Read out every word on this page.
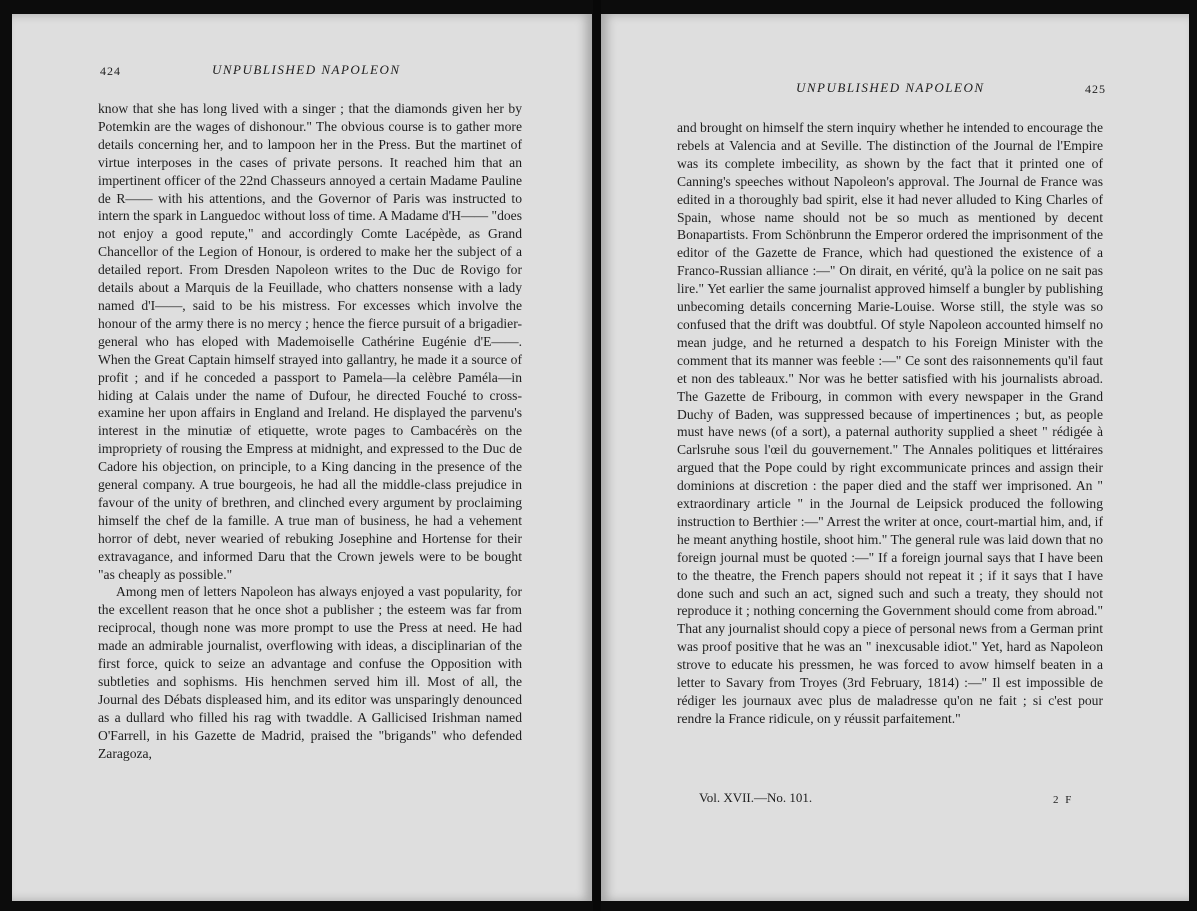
424	UNPUBLISHED NAPOLEON

know that she has long lived with a singer ; that the diamonds given her by Potemkin are the wages of dishonour." The obvious course is to gather more details concerning her, and to lampoon her in the Press. But the martinet of virtue interposes in the cases of private persons. It reached him that an impertinent officer of the 22nd Chasseurs annoyed a certain Madame Pauline de R—— with his attentions, and the Governor of Paris was instructed to intern the spark in Languedoc without loss of time. A Madame d'H—— "does not enjoy a good repute," and accordingly Comte Lacépède, as Grand Chancellor of the Legion of Honour, is ordered to make her the subject of a detailed report. From Dresden Napoleon writes to the Duc de Rovigo for details about a Marquis de la Feuillade, who chatters nonsense with a lady named d'I——, said to be his mistress. For excesses which involve the honour of the army there is no mercy ; hence the fierce pursuit of a brigadier-general who has eloped with Mademoiselle Cathérine Eugénie d'E——. When the Great Captain himself strayed into gallantry, he made it a source of profit ; and if he conceded a passport to Pamela—la celèbre Paméla—in hiding at Calais under the name of Dufour, he directed Fouché to cross-examine her upon affairs in England and Ireland. He displayed the parvenu's interest in the minutiæ of etiquette, wrote pages to Cambacérès on the impropriety of rousing the Empress at midnight, and expressed to the Duc de Cadore his objection, on principle, to a King dancing in the presence of the general company. A true bourgeois, he had all the middle-class prejudice in favour of the unity of brethren, and clinched every argument by proclaiming himself the chef de la famille. A true man of business, he had a vehement horror of debt, never wearied of rebuking Josephine and Hortense for their extravagance, and informed Daru that the Crown jewels were to be bought "as cheaply as possible."

Among men of letters Napoleon has always enjoyed a vast popularity, for the excellent reason that he once shot a publisher ; the esteem was far from reciprocal, though none was more prompt to use the Press at need. He had made an admirable journalist, overflowing with ideas, a disciplinarian of the first force, quick to seize an advantage and confuse the Opposition with subtleties and sophisms. His henchmen served him ill. Most of all, the Journal des Débats displeased him, and its editor was unsparingly denounced as a dullard who filled his rag with twaddle. A Gallicised Irishman named O'Farrell, in his Gazette de Madrid, praised the "brigands" who defended Zaragoza,

UNPUBLISHED NAPOLEON	425

and brought on himself the stern inquiry whether he intended to encourage the rebels at Valencia and at Seville. The distinction of the Journal de l'Empire was its complete imbecility, as shown by the fact that it printed one of Canning's speeches without Napoleon's approval. The Journal de France was edited in a thoroughly bad spirit, else it had never alluded to King Charles of Spain, whose name should not be so much as mentioned by decent Bonapartists. From Schönbrunn the Emperor ordered the imprisonment of the editor of the Gazette de France, which had questioned the existence of a Franco-Russian alliance :—" On dirait, en vérité, qu'à la police on ne sait pas lire." Yet earlier the same journalist approved himself a bungler by publishing unbecoming details concerning Marie-Louise. Worse still, the style was so confused that the drift was doubtful. Of style Napoleon accounted himself no mean judge, and he returned a despatch to his Foreign Minister with the comment that its manner was feeble :—" Ce sont des raisonnements qu'il faut et non des tableaux." Nor was he better satisfied with his journalists abroad. The Gazette de Fribourg, in common with every newspaper in the Grand Duchy of Baden, was suppressed because of impertinences ; but, as people must have news (of a sort), a paternal authority supplied a sheet " rédigée à Carlsruhe sous l'œil du gouvernement." The Annales politiques et littéraires argued that the Pope could by right excommunicate princes and assign their dominions at discretion : the paper died and the staff wer imprisoned. An " extraordinary article " in the Journal de Leipsick produced the following instruction to Berthier :—" Arrest the writer at once, court-martial him, and, if he meant anything hostile, shoot him." The general rule was laid down that no foreign journal must be quoted :—" If a foreign journal says that I have been to the theatre, the French papers should not repeat it ; if it says that I have done such and such an act, signed such and such a treaty, they should not reproduce it ; nothing concerning the Government should come from abroad." That any journalist should copy a piece of personal news from a German print was proof positive that he was an " inexcusable idiot." Yet, hard as Napoleon strove to educate his pressmen, he was forced to avow himself beaten in a letter to Savary from Troyes (3rd February, 1814) :—" Il est impossible de rédiger les journaux avec plus de maladresse qu'on ne fait ; si c'est pour rendre la France ridicule, on y réussit parfaitement."

Vol. XVII.—No. 101.	2 F
